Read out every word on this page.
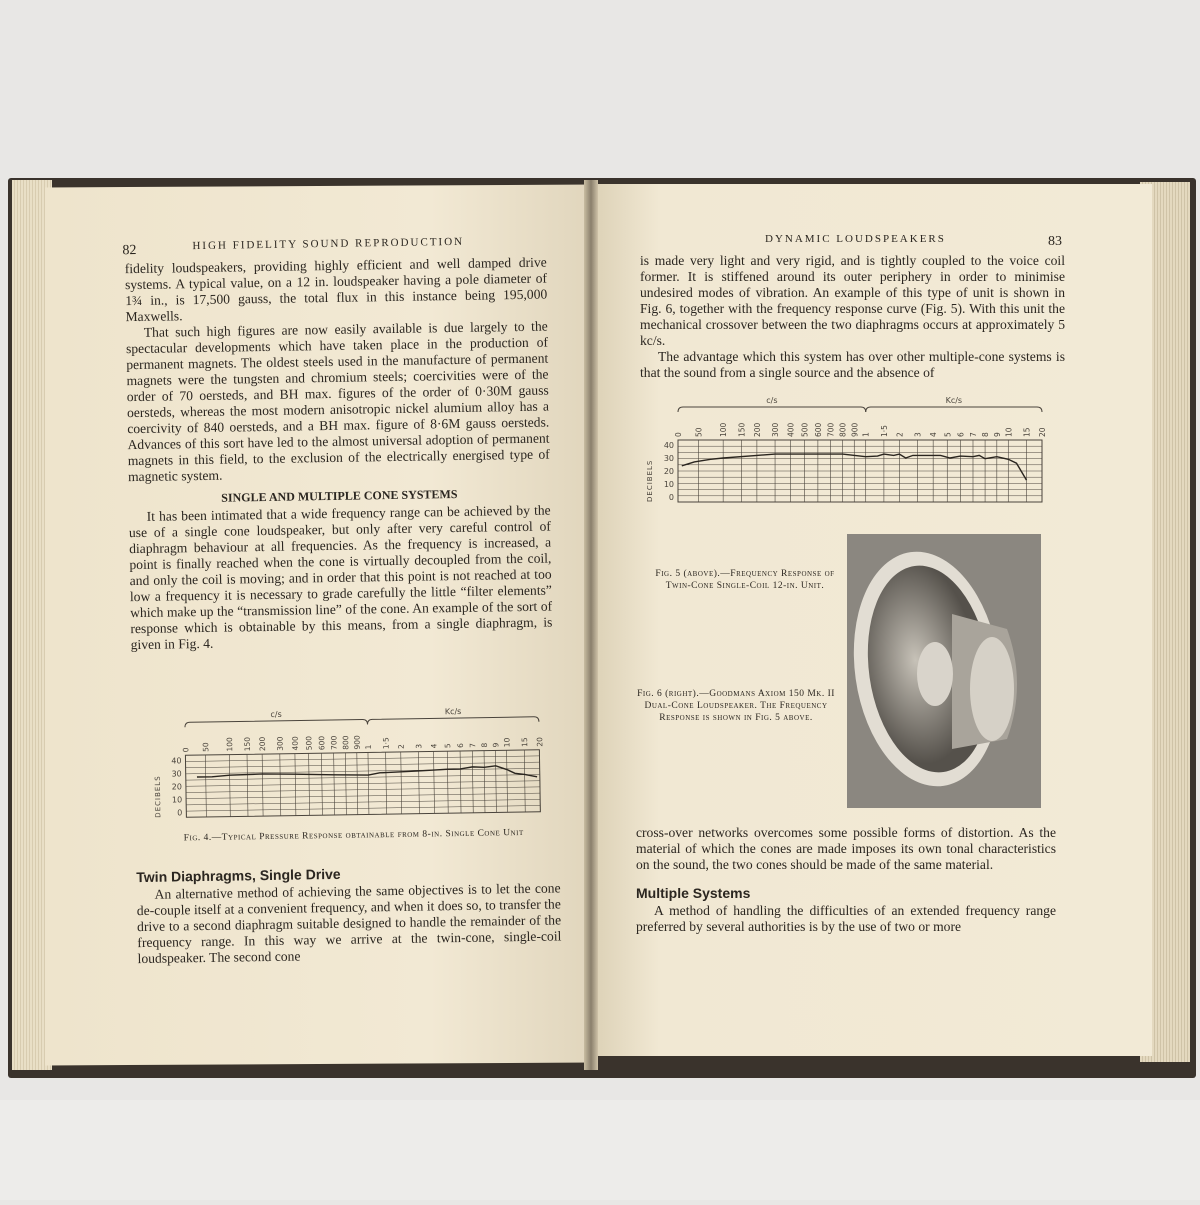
82	HIGH FIDELITY SOUND REPRODUCTION
fidelity loudspeakers, providing highly efficient and well damped drive systems. A typical value, on a 12 in. loudspeaker having a pole diameter of 1¾ in., is 17,500 gauss, the total flux in this instance being 195,000 Maxwells.

That such high figures are now easily available is due largely to the spectacular developments which have taken place in the production of permanent magnets. The oldest steels used in the manufacture of permanent magnets were the tungsten and chromium steels; coercivities were of the order of 70 oersteds, and BH max. figures of the order of 0·30M gauss oersteds, whereas the most modern anisotropic nickel alumium alloy has a coercivity of 840 oersteds, and a BH max. figure of 8·6M gauss oersteds. Advances of this sort have led to the almost universal adoption of permanent magnets in this field, to the exclusion of the electrically energised type of magnetic system.

SINGLE AND MULTIPLE CONE SYSTEMS

It has been intimated that a wide frequency range can be achieved by the use of a single cone loudspeaker, but only after very careful control of diaphragm behaviour at all frequencies. As the frequency is increased, a point is finally reached when the cone is virtually decoupled from the coil, and only the coil is moving; and in order that this point is not reached at too low a frequency it is necessary to grade carefully the little “filter elements” which make up the “transmission line” of the cone. An example of the sort of response which is obtainable by this means, from a single diaphragm, is given in Fig. 4.

c/s	Kc/s
0 50 100 150 200 300 400 500 600 700 800 900 1 1·5 2 3 4 5 6 7 8 9 10 15 20
0
10
20
30
40
DECIBELS
Fig. 4.—Typical Pressure Response obtainable from 8-in. Single Cone Unit
Twin Diaphragms, Single Drive

An alternative method of achieving the same objectives is to let the cone de-couple itself at a convenient frequency, and when it does so, to transfer the drive to a second diaphragm suitable designed to handle the remainder of the frequency range. In this way we arrive at the twin-cone, single-coil loudspeaker. The second cone

DYNAMIC LOUDSPEAKERS	83
is made very light and very rigid, and is tightly coupled to the voice coil former. It is stiffened around its outer periphery in order to minimise undesired modes of vibration. An example of this type of unit is shown in Fig. 6, together with the frequency response curve (Fig. 5). With this unit the mechanical crossover between the two diaphragms occurs at approximately 5 kc/s.

The advantage which this system has over other multiple-cone systems is that the sound from a single source and the absence of

c/s	Kc/s
0 50 100 150 200 300 400 500 600 700 800 900 1 1·5 2 3 4 5 6 7 8 9 10 15 20
0
10
20
30
40
DECIBELS
Fig. 5 (above).—Frequency Response of Twin-Cone Single-Coil 12-in. Unit.
Fig. 6 (right).—Goodmans Axiom 150 Mk. II Dual-Cone Loudspeaker. The Frequency Response is shown in Fig. 5 above.
cross-over networks overcomes some possible forms of distortion. As the material of which the cones are made imposes its own tonal characteristics on the sound, the two cones should be made of the same material.
Multiple Systems

A method of handling the difficulties of an extended frequency range preferred by several authorities is by the use of two or more
